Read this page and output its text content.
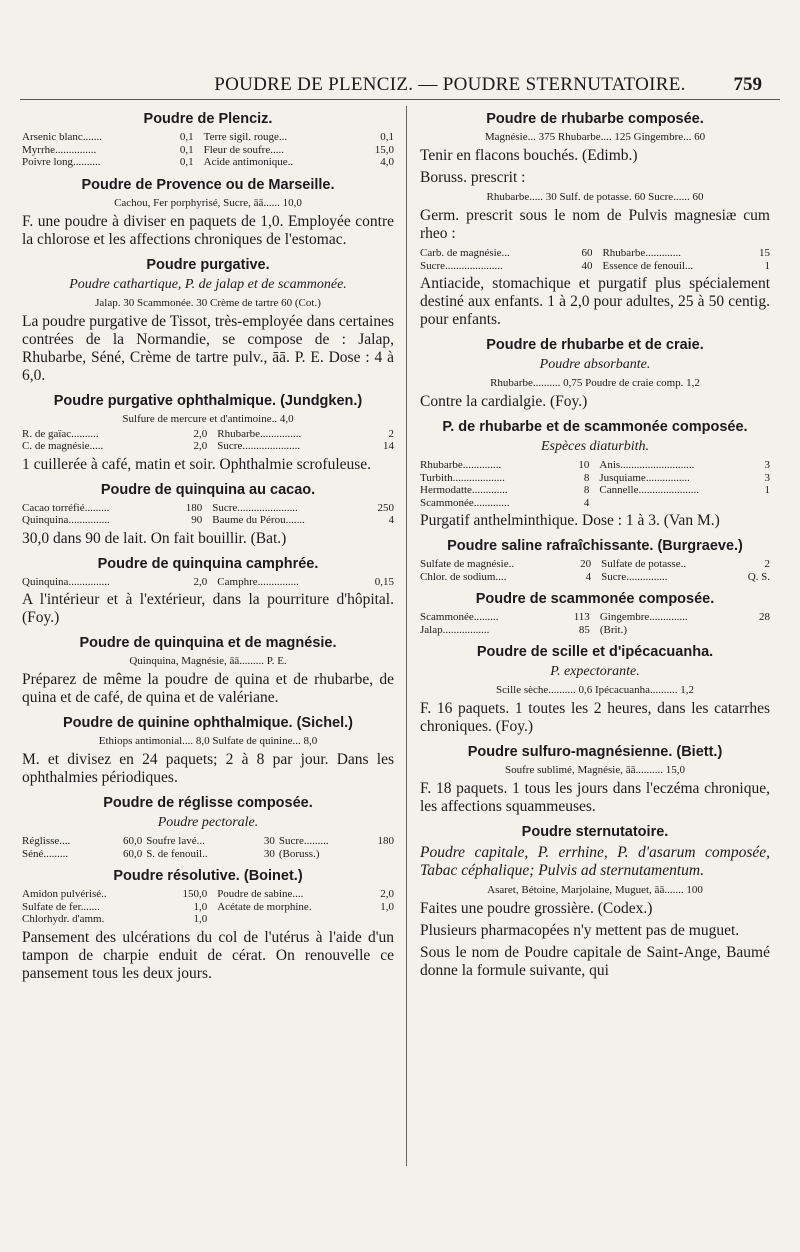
POUDRE DE PLENCIZ. — POUDRE STERNUTATOIRE.	759
Poudre de Plenciz.
Arsenic blanc.......	0,1	Terre sigil. rouge...	0,1
Myrrhe...............	0,1	Fleur de soufre.....	15,0
Poivre long..........	0,1	Acide antimonique..	4,0
Poudre de Provence ou de Marseille.
Cachou, Fer porphyrisé, Sucre, āā...... 10,0

F. une poudre à diviser en paquets de 1,0. Employée contre la chlorose et les affections chroniques de l'estomac.

Poudre purgative.
Poudre cathartique, P. de jalap et de scammonée.
Jalap. 30 Scammonée. 30 Crème de tartre 60 (Cot.)

La poudre purgative de Tissot, très-employée dans certaines contrées de la Normandie, se compose de : Jalap, Rhubarbe, Séné, Crème de tartre pulv., āā. P. E. Dose : 4 à 6,0.

Poudre purgative ophthalmique. (Jundgken.)
Sulfure de mercure et d'antimoine.. 4,0
R. de gaïac..........	2,0	Rhubarbe...............	2
C. de magnésie.....	2,0	Sucre.....................	14

1 cuillerée à café, matin et soir. Ophthalmie scrofuleuse.

Poudre de quinquina au cacao.
Cacao torréfié.........	180	Sucre......................	250
Quinquina...............	90	Baume du Pérou.......	4

30,0 dans 90 de lait. On fait bouillir. (Bat.)

Poudre de quinquina camphrée.
Quinquina...............	2,0	Camphre...............	0,15

A l'intérieur et à l'extérieur, dans la pourriture d'hôpital. (Foy.)

Poudre de quinquina et de magnésie.
Quinquina, Magnésie, āā......... P. E.

Préparez de même la poudre de quina et de rhubarbe, de quina et de café, de quina et de valériane.

Poudre de quinine ophthalmique. (Sichel.)
Ethiops antimonial.... 8,0 Sulfate de quinine... 8,0

M. et divisez en 24 paquets; 2 à 8 par jour. Dans les ophthalmies périodiques.

Poudre de réglisse composée.
Poudre pectorale.
Réglisse....	60,0	Soufre lavé...	30	Sucre.........	180
Séné.........	60,0	S. de fenouil..	30	(Boruss.)	
Poudre résolutive. (Boinet.)
Amidon pulvérisé..	150,0	Poudre de sabine....	2,0
Sulfate de fer.......	1,0	Acétate de morphine.	1,0
Chlorhydr. d'amm.	1,0		

Pansement des ulcérations du col de l'utérus à l'aide d'un tampon de charpie enduit de cérat. On renouvelle ce pansement tous les deux jours.

Poudre de rhubarbe composée.
Magnésie... 375 Rhubarbe.... 125 Gingembre... 60

Tenir en flacons bouchés. (Edimb.)

Boruss. prescrit :

Rhubarbe..... 30 Sulf. de potasse. 60 Sucre...... 60

Germ. prescrit sous le nom de Pulvis magnesiæ cum rheo :

Carb. de magnésie...	60	Rhubarbe.............	15
Sucre.....................	40	Essence de fenouil...	1

Antiacide, stomachique et purgatif plus spécialement destiné aux enfants. 1 à 2,0 pour adultes, 25 à 50 centig. pour enfants.

Poudre de rhubarbe et de craie.
Poudre absorbante.
Rhubarbe.......... 0,75 Poudre de craie comp. 1,2

Contre la cardialgie. (Foy.)

P. de rhubarbe et de scammonée composée.
Espèces diaturbith.
Rhubarbe..............	10	Anis...........................	3
Turbith...................	8	Jusquiame................	3
Hermodatte.............	8	Cannelle......................	1
Scammonée.............	4		

Purgatif anthelminthique. Dose : 1 à 3. (Van M.)

Poudre saline rafraîchissante. (Burgraeve.)
Sulfate de magnésie..	20	Sulfate de potasse..	2
Chlor. de sodium....	4	Sucre...............	Q. S.
Poudre de scammonée composée.
Scammonée.........	113	Gingembre..............	28
Jalap.................	85	(Brit.)	
Poudre de scille et d'ipécacuanha.
P. expectorante.
Scille sèche.......... 0,6 Ipécacuanha.......... 1,2

F. 16 paquets. 1 toutes les 2 heures, dans les catarrhes chroniques. (Foy.)

Poudre sulfuro-magnésienne. (Biett.)
Soufre sublimé, Magnésie, āā.......... 15,0

F. 18 paquets. 1 tous les jours dans l'eczéma chronique, les affections squammeuses.

Poudre sternutatoire.

Poudre capitale, P. errhine, P. d'asarum composée, Tabac céphalique; Pulvis ad sternutamentum.

Asaret, Bétoine, Marjolaine, Muguet, āā....... 100

Faites une poudre grossière. (Codex.)

Plusieurs pharmacopées n'y mettent pas de muguet.

Sous le nom de Poudre capitale de Saint-Ange, Baumé donne la formule suivante, qui
